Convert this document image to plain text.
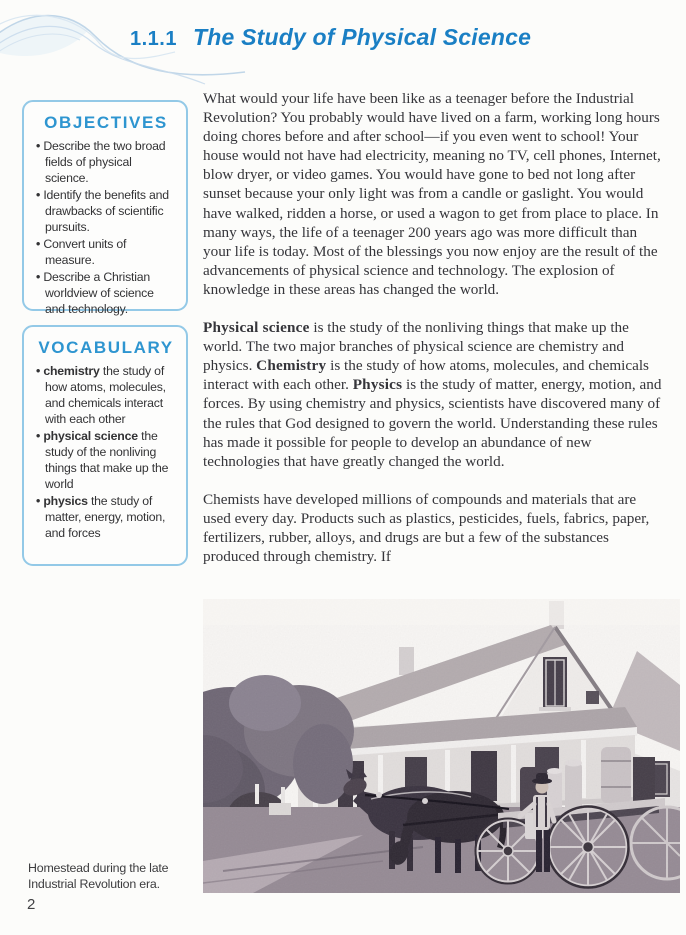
1.1.1 The Study of Physical Science
OBJECTIVES
• Describe the two broad fields of physical science.
• Identify the benefits and drawbacks of scientific pursuits.
• Convert units of measure.
• Describe a Christian worldview of science and technology.
VOCABULARY
• chemistry the study of how atoms, molecules, and chemicals interact with each other
• physical science the study of the nonliving things that make up the world
• physics the study of matter, energy, motion, and forces

What would your life have been like as a teenager before the Industrial Revolution? You probably would have lived on a farm, working long hours doing chores before and after school—if you even went to school! Your house would not have had electricity, meaning no TV, cell phones, Internet, blow dryer, or video games. You would have gone to bed not long after sunset because your only light was from a candle or gaslight. You would have walked, ridden a horse, or used a wagon to get from place to place. In many ways, the life of a teenager 200 years ago was more difficult than your life is today. Most of the blessings you now enjoy are the result of the advancements of physical science and technology. The explosion of knowledge in these areas has changed the world.

Physical science is the study of the nonliving things that make up the world. The two major branches of physical science are chemistry and physics. Chemistry is the study of how atoms, molecules, and chemicals interact with each other. Physics is the study of matter, energy, motion, and forces. By using chemistry and physics, scientists have discovered many of the rules that God designed to govern the world. Understanding these rules has made it possible for people to develop an abundance of new technologies that have greatly changed the world.

Chemists have developed millions of compounds and materials that are used every day. Products such as plastics, pesticides, fuels, fabrics, paper, fertilizers, rubber, alloys, and drugs are but a few of the substances produced through chemistry. If

Homestead during the late Industrial Revolution era.
2
